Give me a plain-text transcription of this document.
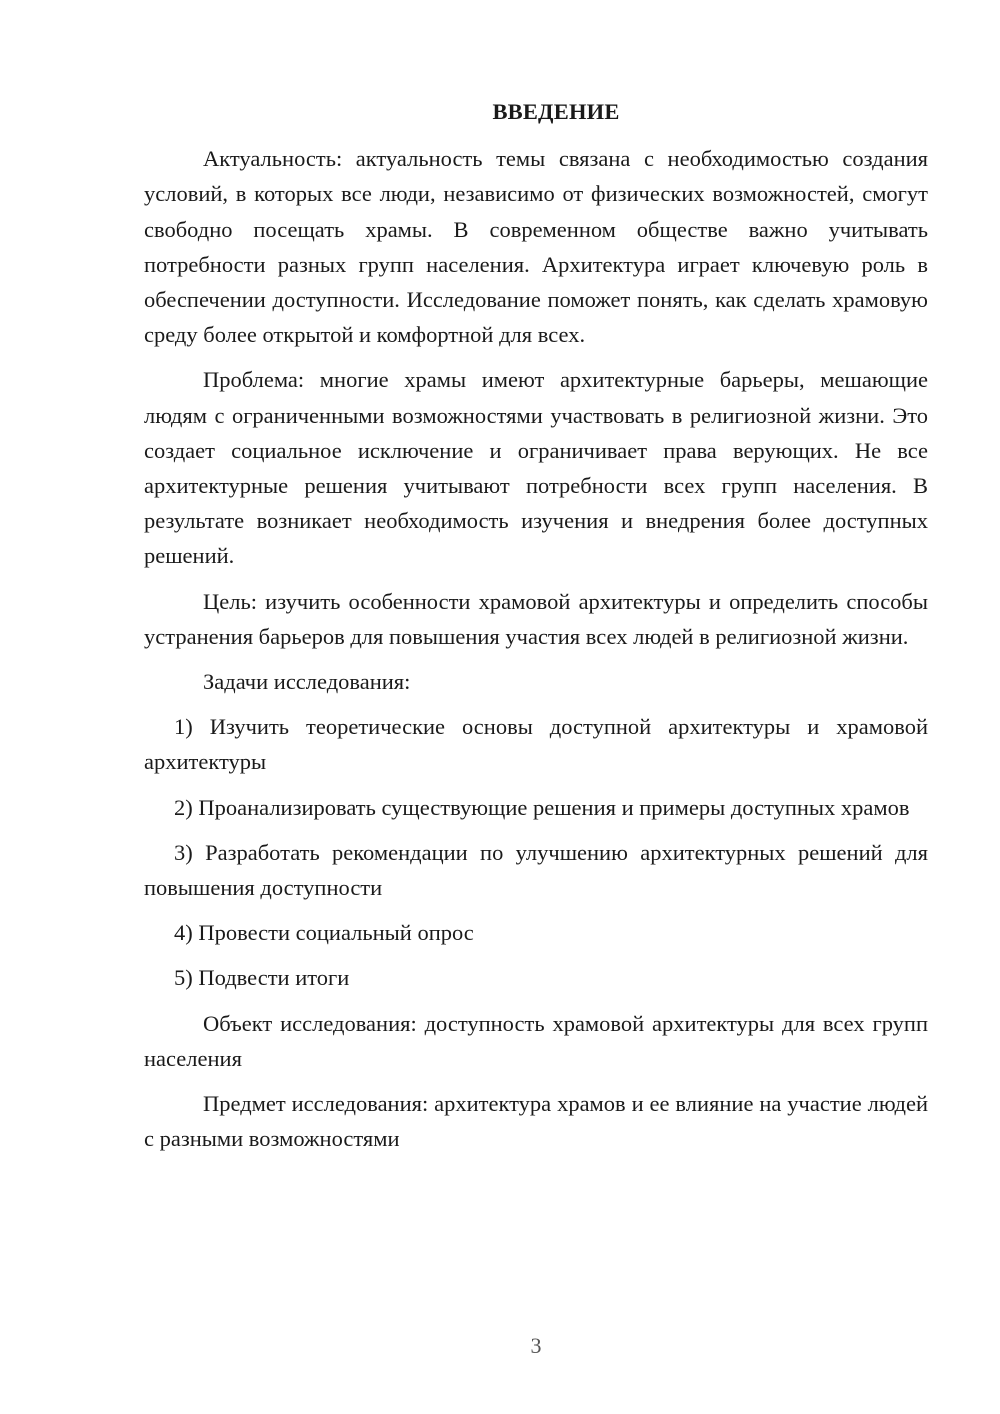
ВВЕДЕНИЕ

Актуальность: актуальность темы связана с необходимостью создания условий, в которых все люди, независимо от физических возможностей, смогут свободно посещать храмы. В современном обществе важно учитывать потребности разных групп населения. Архитектура играет ключевую роль в обеспечении доступности. Исследование поможет понять, как сделать храмовую среду более открытой и комфортной для всех.

Проблема: многие храмы имеют архитектурные барьеры, мешающие людям с ограниченными возможностями участвовать в религиозной жизни. Это создает социальное исключение и ограничивает права верующих. Не все архитектурные решения учитывают потребности всех групп населения. В результате возникает необходимость изучения и внедрения более доступных решений.

Цель: изучить особенности храмовой архитектуры и определить способы устранения барьеров для повышения участия всех людей в религиозной жизни.

Задачи исследования:

1) Изучить теоретические основы доступной архитектуры и храмовой архитектуры

2) Проанализировать существующие решения и примеры доступных храмов

3) Разработать рекомендации по улучшению архитектурных решений для повышения доступности

4) Провести социальный опрос

5) Подвести итоги

Объект исследования: доступность храмовой архитектуры для всех групп населения

Предмет исследования: архитектура храмов и ее влияние на участие людей с разными возможностями

3
